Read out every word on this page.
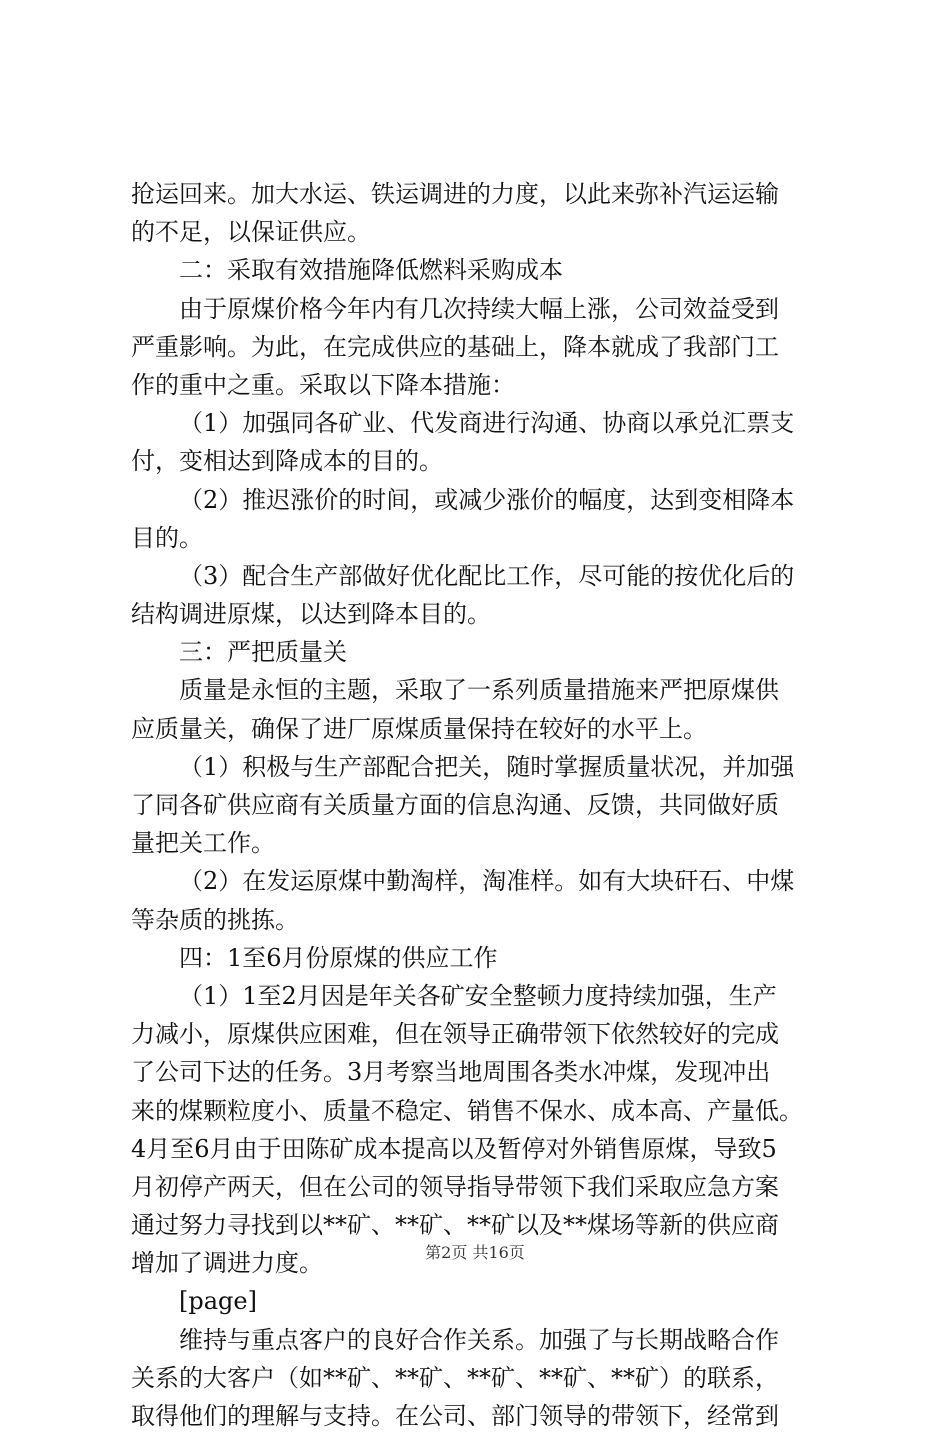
抢运回来。加大水运、铁运调进的力度，以此来弥补汽运运输
的不足，以保证供应。
二：采取有效措施降低燃料采购成本
由于原煤价格今年内有几次持续大幅上涨，公司效益受到
严重影响。为此，在完成供应的基础上，降本就成了我部门工
作的重中之重。采取以下降本措施：
（1）加强同各矿业、代发商进行沟通、协商以承兑汇票支
付，变相达到降成本的目的。
（2）推迟涨价的时间，或减少涨价的幅度，达到变相降本
目的。
（3）配合生产部做好优化配比工作，尽可能的按优化后的
结构调进原煤，以达到降本目的。
三：严把质量关
质量是永恒的主题，采取了一系列质量措施来严把原煤供
应质量关，确保了进厂原煤质量保持在较好的水平上。
（1）积极与生产部配合把关，随时掌握质量状况，并加强
了同各矿供应商有关质量方面的信息沟通、反馈，共同做好质
量把关工作。
（2）在发运原煤中勤淘样，淘准样。如有大块矸石、中煤
等杂质的挑拣。
四：1至6月份原煤的供应工作
（1）1至2月因是年关各矿安全整顿力度持续加强，生产
力减小，原煤供应困难，但在领导正确带领下依然较好的完成
了公司下达的任务。3月考察当地周围各类水冲煤，发现冲出
来的煤颗粒度小、质量不稳定、销售不保水、成本高、产量低。
4月至6月由于田陈矿成本提高以及暂停对外销售原煤，导致5
月初停产两天，但在公司的领导指导带领下我们采取应急方案
通过努力寻找到以**矿、**矿、**矿以及**煤场等新的供应商
增加了调进力度。
[page]
维持与重点客户的良好合作关系。加强了与长期战略合作
关系的大客户（如**矿、**矿、**矿、**矿、**矿）的联系，
取得他们的理解与支持。在公司、部门领导的带领下，经常到
第2页 共16页
